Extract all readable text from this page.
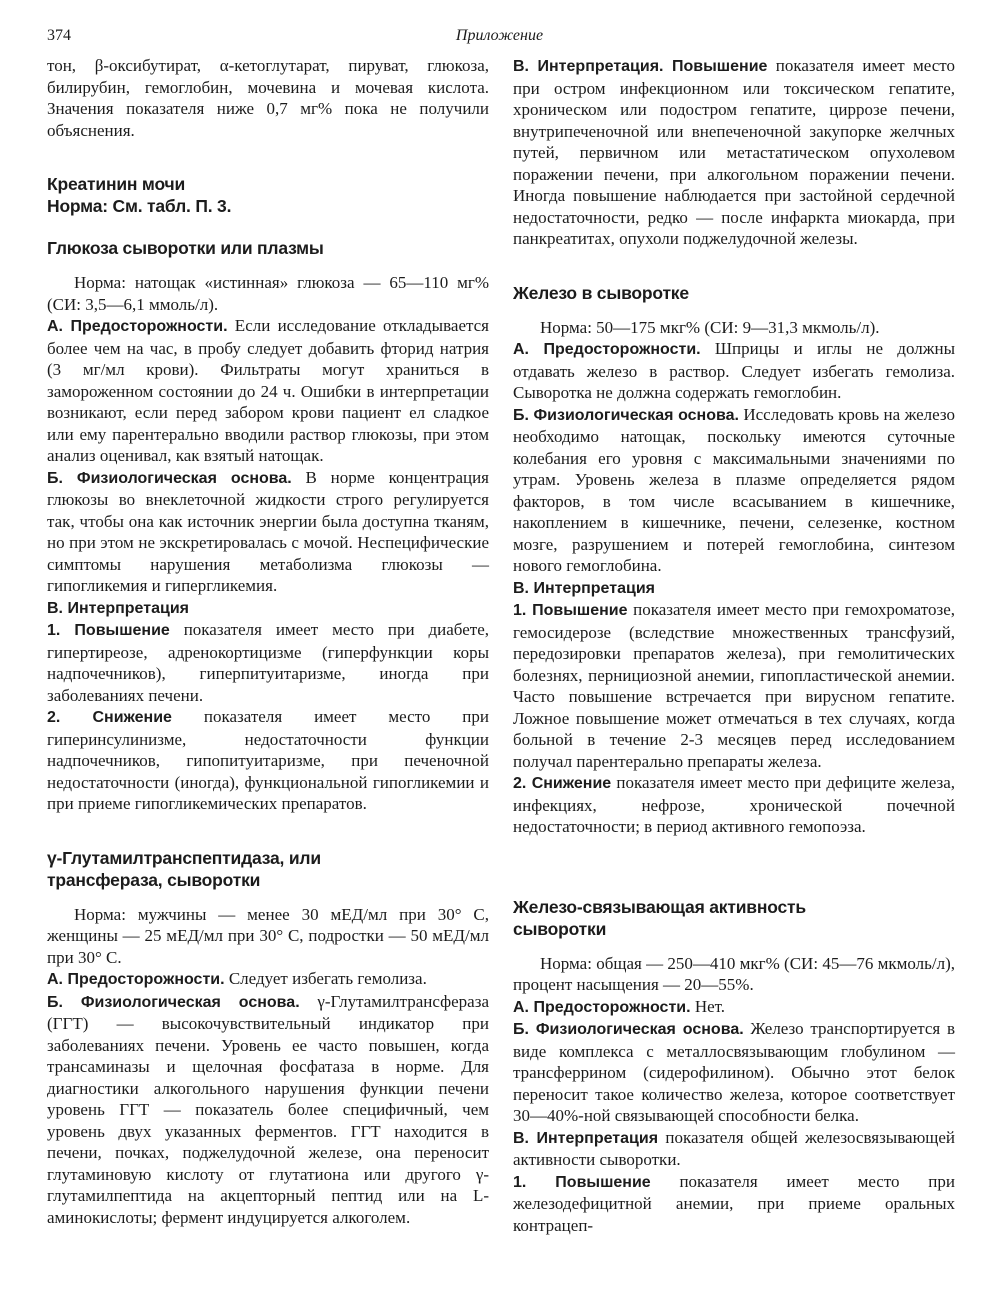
374	Приложение

тон, β-оксибутират, α-кетоглутарат, пируват, глюкоза, билирубин, гемоглобин, мочевина и мочевая кислота. Значения показателя ниже 0,7 мг% пока не получили объяснения.

Креатинин мочи
Норма: См. табл. П. 3.
Глюкоза сыворотки или плазмы

Норма: натощак «истинная» глюкоза — 65—110 мг% (СИ: 3,5—6,1 ммоль/л).

А. Предосторожности. Если исследование откладывается более чем на час, в пробу следует добавить фторид натрия (3 мг/мл крови). Фильтраты могут храниться в замороженном состоянии до 24 ч. Ошибки в интерпретации возникают, если перед забором крови пациент ел сладкое или ему парентерально вводили раствор глюкозы, при этом анализ оценивал, как взятый натощак.

Б. Физиологическая основа. В норме концентрация глюкозы во внеклеточной жидкости строго регулируется так, чтобы она как источник энергии была доступна тканям, но при этом не экскретировалась с мочой. Неспецифические симптомы нарушения метаболизма глюкозы — гипогликемия и гипергликемия.

В. Интерпретация

1. Повышение показателя имеет место при диабете, гипертиреозе, адренокортицизме (гиперфункции коры надпочечников), гиперпитуитаризме, иногда при заболеваниях печени.

2. Снижение показателя имеет место при гиперинсулинизме, недостаточности функции надпочечников, гипопитуитаризме, при печеночной недостаточности (иногда), функциональной гипогликемии и при приеме гипогликемических препаратов.

γ-Глутамилтранспептидаза, или
трансфераза, сыворотки

Норма: мужчины — менее 30 мЕД/мл при 30° С, женщины — 25 мЕД/мл при 30° С, подростки — 50 мЕД/мл при 30° С.

А. Предосторожности. Следует избегать гемолиза.

Б. Физиологическая основа. γ-Глутамилтрансфераза (ГГТ) — высокочувствительный индикатор при заболеваниях печени. Уровень ее часто повышен, когда трансаминазы и щелочная фосфатаза в норме. Для диагностики алкогольного нарушения функции печени уровень ГГТ — показатель более специфичный, чем уровень двух указанных ферментов. ГГТ находится в печени, почках, поджелудочной железе, она переносит глутаминовую кислоту от глутатиона или другого γ-глутамилпептида на акцепторный пептид или на L-аминокислоты; фермент индуцируется алкоголем.

В. Интерпретация. Повышение показателя имеет место при остром инфекционном или токсическом гепатите, хроническом или подостром гепатите, циррозе печени, внутрипеченочной или внепеченочной закупорке желчных путей, первичном или метастатическом опухолевом поражении печени, при алкогольном поражении печени. Иногда повышение наблюдается при застойной сердечной недостаточности, редко — после инфаркта миокарда, при панкреатитах, опухоли поджелудочной железы.

Железо в сыворотке

Норма: 50—175 мкг% (СИ: 9—31,3 мкмоль/л).

А. Предосторожности. Шприцы и иглы не должны отдавать железо в раствор. Следует избегать гемолиза. Сыворотка не должна содержать гемоглобин.

Б. Физиологическая основа. Исследовать кровь на железо необходимо натощак, поскольку имеются суточные колебания его уровня с максимальными значениями по утрам. Уровень железа в плазме определяется рядом факторов, в том числе всасыванием в кишечнике, накоплением в кишечнике, печени, селезенке, костном мозге, разрушением и потерей гемоглобина, синтезом нового гемоглобина.

В. Интерпретация

1. Повышение показателя имеет место при гемохроматозе, гемосидерозе (вследствие множественных трансфузий, передозировки препаратов железа), при гемолитических болезнях, пернициозной анемии, гипопластической анемии. Часто повышение встречается при вирусном гепатите. Ложное повышение может отмечаться в тех случаях, когда больной в течение 2-3 месяцев перед исследованием получал парентерально препараты железа.

2. Снижение показателя имеет место при дефиците железа, инфекциях, нефрозе, хронической почечной недостаточности; в период активного гемопоэза.

Железо-связывающая активность
сыворотки

Норма: общая — 250—410 мкг% (СИ: 45—76 мкмоль/л), процент насыщения — 20—55%.

А. Предосторожности. Нет.

Б. Физиологическая основа. Железо транспортируется в виде комплекса с металлосвязывающим глобулином — трансферрином (сидерофилином). Обычно этот белок переносит такое количество железа, которое соответствует 30—40%-ной связывающей способности белка.

В. Интерпретация показателя общей железосвязывающей активности сыворотки.

1. Повышение показателя имеет место при железодефицитной анемии, при приеме оральных контрацеп-
